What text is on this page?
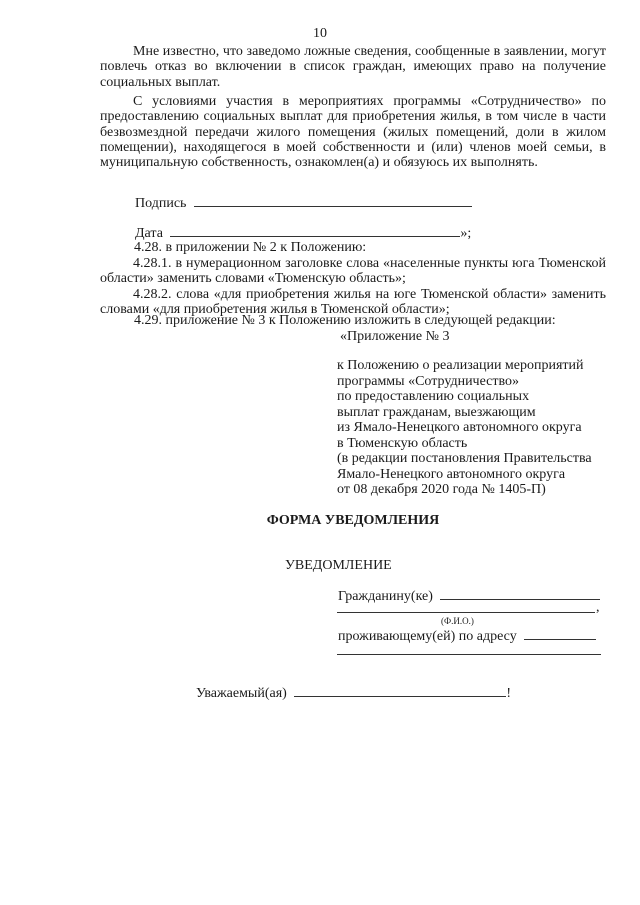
10

Мне известно, что заведомо ложные сведения, сообщенные в заявлении, могут повлечь отказ во включении в список граждан, имеющих право на получение социальных выплат.

С условиями участия в мероприятиях программы «Сотрудничество» по предоставлению социальных выплат для приобретения жилья, в том числе в части безвозмездной передачи жилого помещения (жилых помещений, доли в жилом помещении), находящегося в моей собственности и (или) членов моей семьи, в муниципальную собственность, ознакомлен(а) и обязуюсь их выполнять.

Подпись
Дата	»;

4.28. в приложении № 2 к Положению:

4.28.1. в нумерационном заголовке слова «населенные пункты юга Тюменской области» заменить словами «Тюменскую область»;

4.28.2. слова «для приобретения жилья на юге Тюменской области» заменить словами «для приобретения жилья в Тюменской области»;

4.29. приложение № 3 к Положению изложить в следующей редакции:

«Приложение № 3

к Положению о реализации мероприятий
программы «Сотрудничество»
по предоставлению социальных
выплат гражданам, выезжающим
из Ямало-Ненецкого автономного округа
в Тюменскую область
(в редакции постановления Правительства
Ямало-Ненецкого автономного округа
от 08 декабря 2020 года № 1405-П)

ФОРМА УВЕДОМЛЕНИЯ

УВЕДОМЛЕНИЕ

Гражданину(ке)
,

(Ф.И.О.)

проживающему(ей) по адресу
Уважаемый(ая)	!
